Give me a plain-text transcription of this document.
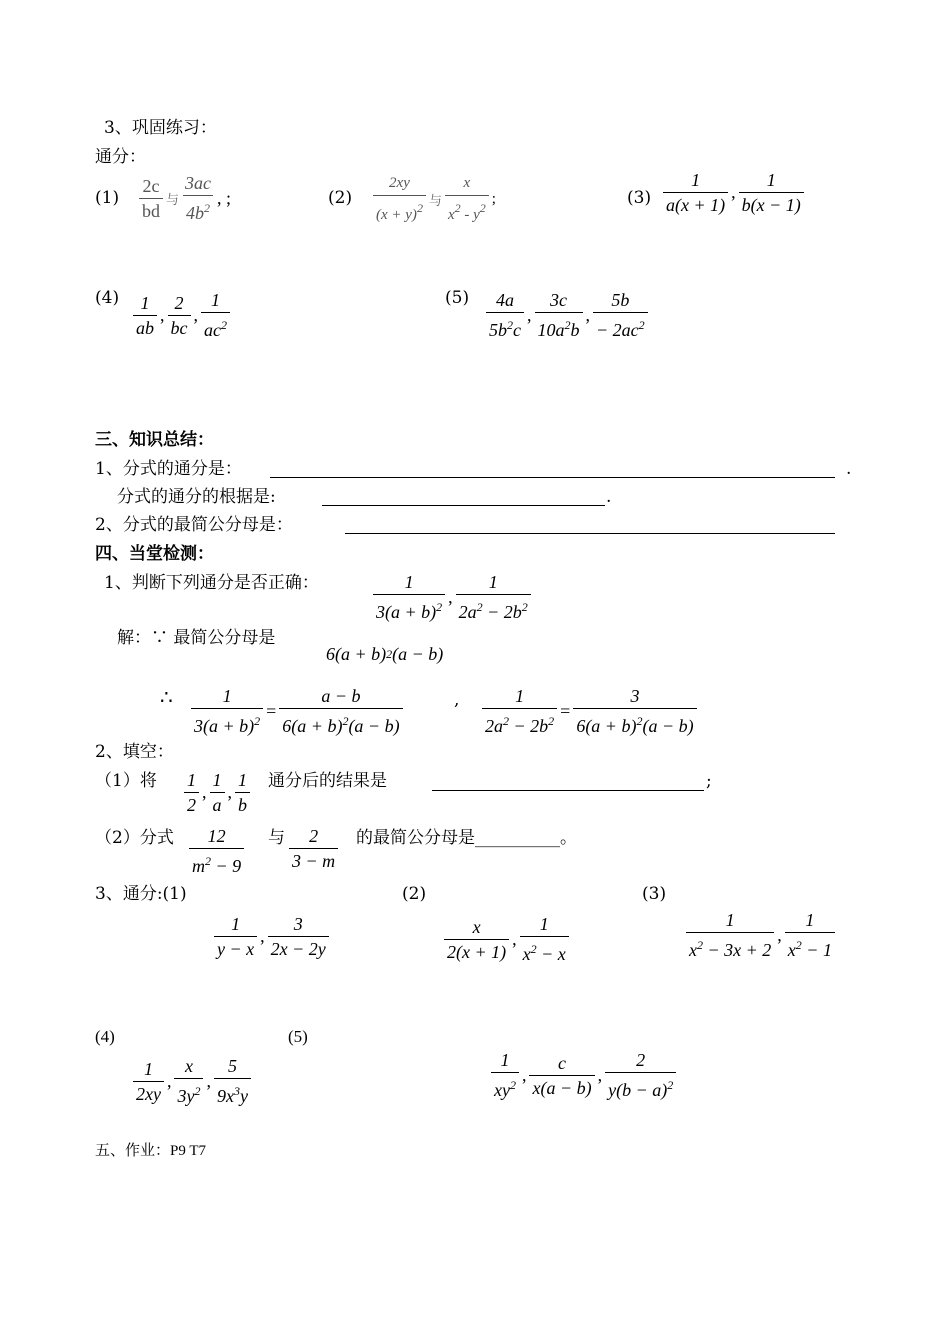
3、巩固练习：
通分：
$(1) \frac{2c}{bd}$ 与 $\frac{3ac}{4b^2}$ , ;	$(2) \frac{2xy}{(x + y)^2}$ 与 $\frac{x}{x^2 - y^2}$ ;	$(3) \frac{1}{a(x + 1)}$ , $\frac{1}{b(x - 1)}$
$(4) \frac{1}{ab}$ , $\frac{2}{bc}$ , $\frac{1}{ac^2}$	$(5) \frac{4a}{5b^2c}$ , $\frac{3c}{10a^2b}$ , $\frac{5b}{- 2ac^2}$
三、知识总结：
1、分式的通分是：	.
分式的通分的根据是:	.
2、分式的最简公分母是：
四、当堂检测：
1、判断下列通分是否正确：	$\frac{1}{3(a + b)^2}$ , $\frac{1}{2a^2 - 2b^2}$
解：∵ 最简公分母是
6(a + b) 2 (a − b)
∴ $\frac{1}{3(a + b)^2} = \frac{a - b}{6(a + b)^2(a - b)}$	, $\frac{1}{2a^2 - 2b^2} = \frac{3}{6(a + b)^2(a - b)}$
2、填空：
（1）将 $\frac{1}{2}$ , $\frac{1}{a}$ , $\frac{1}{b}$ 通分后的结果是	;
（2）分式 $\frac{12}{m^2 - 9}$ 与 $\frac{2}{3 - m}$ 的最简公分母是__________。
3、通分:(1)	(2)	(3)
$\frac{1}{y - x}$ , $\frac{3}{2x - 2y}$	$\frac{x}{2(x + 1)}$ , $\frac{1}{x^2 - x}$	$\frac{1}{x^2 - 3x + 2}$ , $\frac{1}{x^2 - 1}$
(4)	(5)
$\frac{1}{2xy}$ , $\frac{x}{3y^2}$ , $\frac{5}{9x^3y}$	$\frac{1}{xy^2}$ , $\frac{c}{x(a - b)}$ , $\frac{2}{y(b - a)^2}$
五、作业：P9 T7
